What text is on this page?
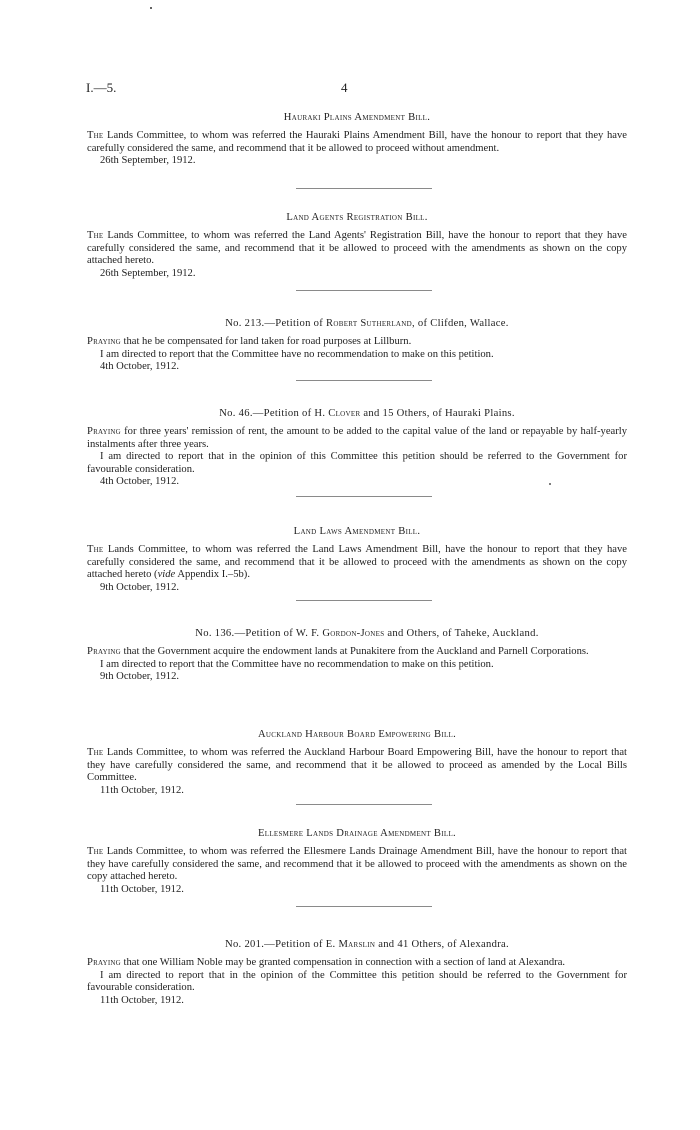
I.—5.	4
Hauraki Plains Amendment Bill.

The Lands Committee, to whom was referred the Hauraki Plains Amendment Bill, have the honour to report that they have carefully considered the same, and recommend that it be allowed to proceed without amendment.

26th September, 1912.

Land Agents Registration Bill.

The Lands Committee, to whom was referred the Land Agents' Registration Bill, have the honour to report that they have carefully considered the same, and recommend that it be allowed to proceed with the amendments as shown on the copy attached hereto.

26th September, 1912.

No. 213.—Petition of Robert Sutherland, of Clifden, Wallace.

Praying that he be compensated for land taken for road purposes at Lillburn.

I am directed to report that the Committee have no recommendation to make on this petition.

4th October, 1912.

No. 46.—Petition of H. Clover and 15 Others, of Hauraki Plains.

Praying for three years' remission of rent, the amount to be added to the capital value of the land or repayable by half-yearly instalments after three years.

I am directed to report that in the opinion of this Committee this petition should be referred to the Government for favourable consideration.

4th October, 1912.

Land Laws Amendment Bill.

The Lands Committee, to whom was referred the Land Laws Amendment Bill, have the honour to report that they have carefully considered the same, and recommend that it be allowed to proceed with the amendments as shown on the copy attached hereto (vide Appendix I.–5b).

9th October, 1912.

No. 136.—Petition of W. F. Gordon-Jones and Others, of Taheke, Auckland.

Praying that the Government acquire the endowment lands at Punakitere from the Auckland and Parnell Corporations.

I am directed to report that the Committee have no recommendation to make on this petition.

9th October, 1912.

Auckland Harbour Board Empowering Bill.

The Lands Committee, to whom was referred the Auckland Harbour Board Empowering Bill, have the honour to report that they have carefully considered the same, and recommend that it be allowed to proceed as amended by the Local Bills Committee.

11th October, 1912.

Ellesmere Lands Drainage Amendment Bill.

The Lands Committee, to whom was referred the Ellesmere Lands Drainage Amendment Bill, have the honour to report that they have carefully considered the same, and recommend that it be allowed to proceed with the amendments as shown on the copy attached hereto.

11th October, 1912.

No. 201.—Petition of E. Marslin and 41 Others, of Alexandra.

Praying that one William Noble may be granted compensation in connection with a section of land at Alexandra.

I am directed to report that in the opinion of the Committee this petition should be referred to the Government for favourable consideration.

11th October, 1912.
